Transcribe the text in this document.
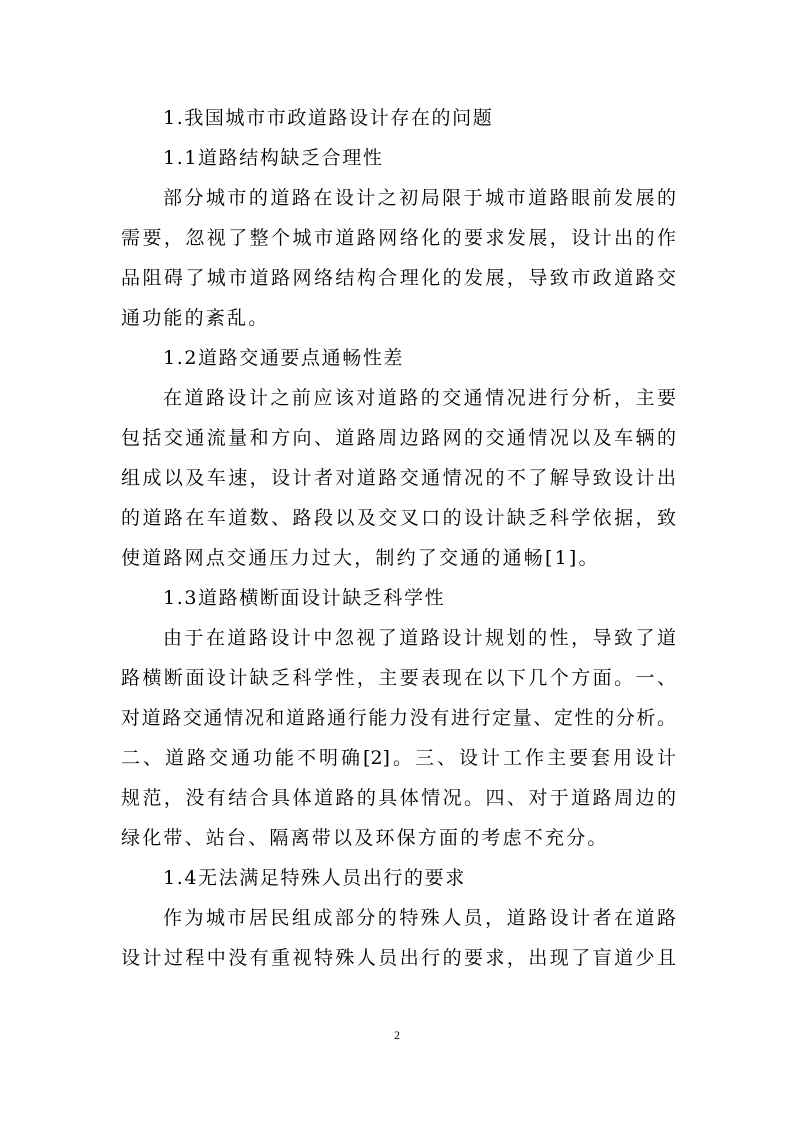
1.我国城市市政道路设计存在的问题
1.1道路结构缺乏合理性
部分城市的道路在设计之初局限于城市道路眼前发展的
需要，忽视了整个城市道路网络化的要求发展，设计出的作
品阻碍了城市道路网络结构合理化的发展，导致市政道路交
通功能的紊乱。
1.2道路交通要点通畅性差
在道路设计之前应该对道路的交通情况进行分析，主要
包括交通流量和方向、道路周边路网的交通情况以及车辆的
组成以及车速，设计者对道路交通情况的不了解导致设计出
的道路在车道数、路段以及交叉口的设计缺乏科学依据，致
使道路网点交通压力过大，制约了交通的通畅[1]。
1.3道路横断面设计缺乏科学性
由于在道路设计中忽视了道路设计规划的性，导致了道
路横断面设计缺乏科学性，主要表现在以下几个方面。一、
对道路交通情况和道路通行能力没有进行定量、定性的分析。
二、道路交通功能不明确[2]。三、设计工作主要套用设计
规范，没有结合具体道路的具体情况。四、对于道路周边的
绿化带、站台、隔离带以及环保方面的考虑不充分。
1.4无法满足特殊人员出行的要求
作为城市居民组成部分的特殊人员，道路设计者在道路
设计过程中没有重视特殊人员出行的要求，出现了盲道少且
2
